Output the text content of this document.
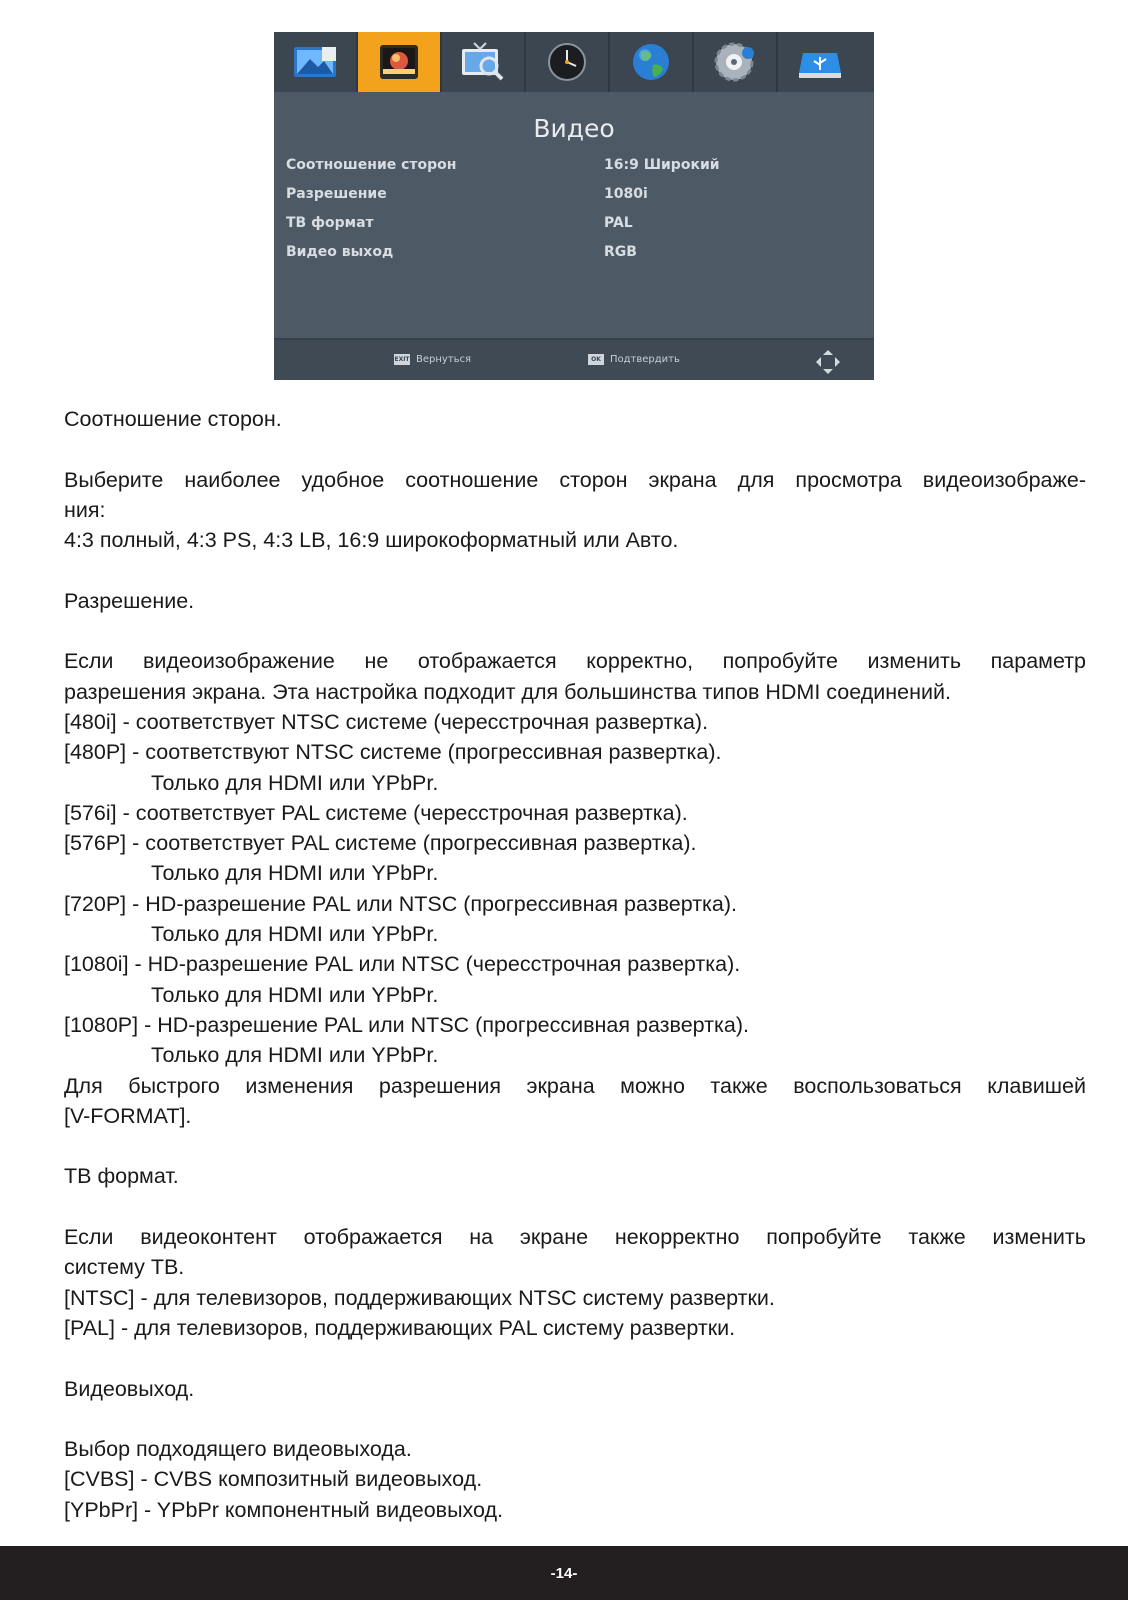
Видео
Соотношение сторон	16:9 Широкий
Разрешение	1080i
ТВ формат	PAL
Видео выход	RGB
EXIT Вернуться	OK Подтвердить

Соотношение сторон.

Выберите наиболее удобное соотношение сторон экрана для просмотра видеоизображе-

ния:

4:3 полный, 4:3 PS, 4:3 LB, 16:9 широкоформатный или Авто.

Разрешение.

Если видеоизображение не отображается корректно, попробуйте изменить параметр

разрешения экрана. Эта настройка подходит для большинства типов HDMI соединений.

[480i] - соответствует NTSC системе (чересстрочная развертка).

[480P] - соответствуют NTSC системе (прогрессивная развертка).

Только для HDMI или YPbPr.

[576i] - соответствует PAL системе (чересстрочная развертка).

[576P] - соответствует PAL системе (прогрессивная развертка).

Только для HDMI или YPbPr.

[720P] - HD-разрешение PAL или NTSC (прогрессивная развертка).

Только для HDMI или YPbPr.

[1080i] - HD-разрешение PAL или NTSC (чересстрочная развертка).

Только для HDMI или YPbPr.

[1080P] - HD-разрешение PAL или NTSC (прогрессивная развертка).

Только для HDMI или YPbPr.

Для быстрого изменения разрешения экрана можно также воспользоваться клавишей

[V-FORMAT].

ТВ формат.

Если видеоконтент отображается на экране некорректно попробуйте также изменить

систему ТВ.

[NTSC] - для телевизоров, поддерживающих NTSC систему развертки.

[PAL] - для телевизоров, поддерживающих PAL систему развертки.

Видеовыход.

Выбор подходящего видеовыхода.

[CVBS] - CVBS композитный видеовыход.

[YPbPr] - YPbPr компонентный видеовыход.

-14-
